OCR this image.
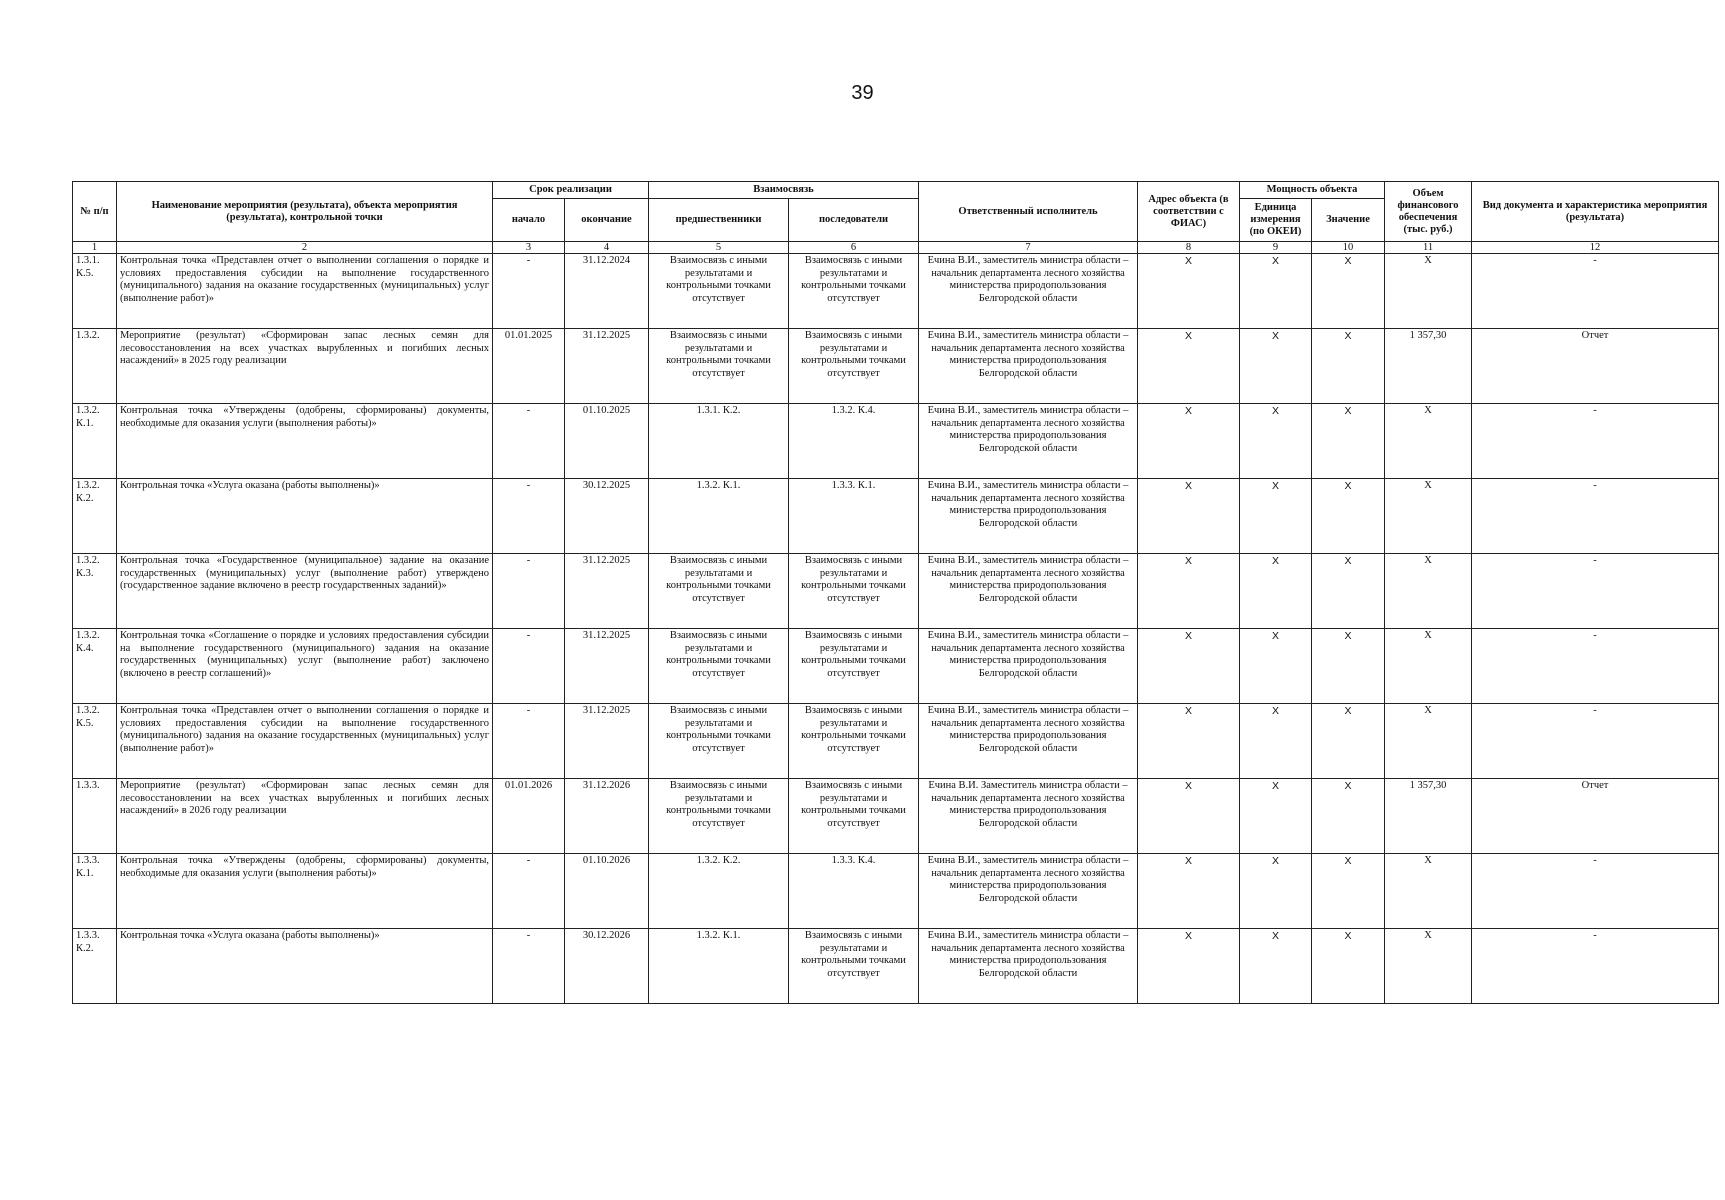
39
№ п/п	Наименование мероприятия (результата), объекта мероприятия (результата), контрольной точки	Срок реализации		Взаимосвязь		Ответственный исполнитель	Адрес объекта (в соответствии с ФИАС)	Мощность объекта		Объем финансового обеспечения (тыс. руб.)	Вид документа и характеристика мероприятия (результата)
		начало	окончание	предшественники	последователи			Единица измерения (по ОКЕИ)	Значение		
1	2	3	4	5	6	7	8	9	10	11	12
1.3.1. К.5.	Контрольная точка «Представлен отчет о выполнении соглашения о порядке и условиях предоставления субсидии на выполнение государственного (муниципального) задания на оказание государственных (муниципальных) услуг (выполнение работ)»	-	31.12.2024	Взаимосвязь с иными результатами и контрольными точками отсутствует	Взаимосвязь с иными результатами и контрольными точками отсутствует	Ечина В.И., заместитель министра области – начальник департамента лесного хозяйства министерства природопользования Белгородской области	X	X	X	X	-
1.3.2.	Мероприятие (результат) «Сформирован запас лесных семян для лесовосстановления на всех участках вырубленных и погибших лесных насаждений» в 2025 году реализации	01.01.2025	31.12.2025	Взаимосвязь с иными результатами и контрольными точками отсутствует	Взаимосвязь с иными результатами и контрольными точками отсутствует	Ечина В.И., заместитель министра области – начальник департамента лесного хозяйства министерства природопользования Белгородской области	X	X	X	1 357,30	Отчет
1.3.2. К.1.	Контрольная точка «Утверждены (одобрены, сформированы) документы, необходимые для оказания услуги (выполнения работы)»	-	01.10.2025	1.3.1. К.2.	1.3.2. К.4.	Ечина В.И., заместитель министра области – начальник департамента лесного хозяйства министерства природопользования Белгородской области	X	X	X	X	-
1.3.2. К.2.	Контрольная точка «Услуга оказана (работы выполнены)»	-	30.12.2025	1.3.2. К.1.	1.3.3. К.1.	Ечина В.И., заместитель министра области – начальник департамента лесного хозяйства министерства природопользования Белгородской области	X	X	X	X	-
1.3.2. К.3.	Контрольная точка «Государственное (муниципальное) задание на оказание государственных (муниципальных) услуг (выполнение работ) утверждено (государственное задание включено в реестр государственных заданий)»	-	31.12.2025	Взаимосвязь с иными результатами и контрольными точками отсутствует	Взаимосвязь с иными результатами и контрольными точками отсутствует	Ечина В.И., заместитель министра области – начальник департамента лесного хозяйства министерства природопользования Белгородской области	X	X	X	X	-
1.3.2. К.4.	Контрольная точка «Соглашение о порядке и условиях предоставления субсидии на выполнение государственного (муниципального) задания на оказание государственных (муниципальных) услуг (выполнение работ) заключено (включено в реестр соглашений)»	-	31.12.2025	Взаимосвязь с иными результатами и контрольными точками отсутствует	Взаимосвязь с иными результатами и контрольными точками отсутствует	Ечина В.И., заместитель министра области – начальник департамента лесного хозяйства министерства природопользования Белгородской области	X	X	X	X	-
1.3.2. К.5.	Контрольная точка «Представлен отчет о выполнении соглашения о порядке и условиях предоставления субсидии на выполнение государственного (муниципального) задания на оказание государственных (муниципальных) услуг (выполнение работ)»	-	31.12.2025	Взаимосвязь с иными результатами и контрольными точками отсутствует	Взаимосвязь с иными результатами и контрольными точками отсутствует	Ечина В.И., заместитель министра области – начальник департамента лесного хозяйства министерства природопользования Белгородской области	X	X	X	X	-
1.3.3.	Мероприятие (результат) «Сформирован запас лесных семян для лесовосстановлении на всех участках вырубленных и погибших лесных насаждений» в 2026 году реализации	01.01.2026	31.12.2026	Взаимосвязь с иными результатами и контрольными точками отсутствует	Взаимосвязь с иными результатами и контрольными точками отсутствует	Ечина В.И. Заместитель министра области – начальник департамента лесного хозяйства министерства природопользования Белгородской области	X	X	X	1 357,30	Отчет
1.3.3. К.1.	Контрольная точка «Утверждены (одобрены, сформированы) документы, необходимые для оказания услуги (выполнения работы)»	-	01.10.2026	1.3.2. К.2.	1.3.3. К.4.	Ечина В.И., заместитель министра области – начальник департамента лесного хозяйства министерства природопользования Белгородской области	X	X	X	X	-
1.3.3. К.2.	Контрольная точка «Услуга оказана (работы выполнены)»	-	30.12.2026	1.3.2. К.1.	Взаимосвязь с иными результатами и контрольными точками отсутствует	Ечина В.И., заместитель министра области – начальник департамента лесного хозяйства министерства природопользования Белгородской области	X	X	X	X	-
